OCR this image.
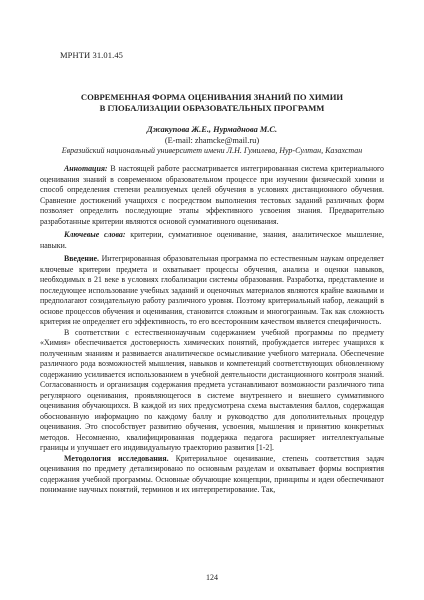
МРНТИ 31.01.45
СОВРЕМЕННАЯ ФОРМА ОЦЕНИВАНИЯ ЗНАНИЙ ПО ХИМИИ
В ГЛОБАЛИЗАЦИИ ОБРАЗОВАТЕЛЬНЫХ ПРОГРАММ
Джакупова Ж.Е., Нурмаднова М.С.
(E-mail: zhamcke@mail.ru)
Евразийский национальный университет имени Л.Н. Гумилева, Нур-Султан, Казахстан

Аннотация: В настоящей работе рассматривается интегрированная система критериального оценивания знаний в современном образовательном процессе при изучении физической химии и способ определения степени реализуемых целей обучения в условиях дистанционного обучения. Сравнение достижений учащихся с посредством выполнения тестовых заданий различных форм позволяет определить последующие этапы эффективного усвоения знания. Предварительно разработанные критерии являются основой суммативного оценивания.

Ключевые слова: критерии, суммативное оценивание, знания, аналитическое мышление, навыки.

Введение. Интегрированная образовательная программа по естественным наукам определяет ключевые критерии предмета и охватывает процессы обучения, анализа и оценки навыков, необходимых в 21 веке в условиях глобализации системы образования. Разработка, представление и последующее использование учебных заданий и оценочных материалов являются крайне важными и предполагают созидательную работу различного уровня. Поэтому критериальный набор, лежащий в основе процессов обучения и оценивания, становится сложным и многогранным. Так как сложность критерия не определяет его эффективность, то его всесторонним качеством является специфичность.

В соответствии с естественнонаучным содержанием учебной программы по предмету «Химия» обеспечивается достоверность химических понятий, пробуждается интерес учащихся к полученным знаниям и развивается аналитическое осмысливание учебного материала. Обеспечение различного рода возможностей мышления, навыков и компетенций соответствующих обновленному содержанию усиливается использованием в учебной деятельности дистанционного контроля знаний. Согласованность и организация содержания предмета устанавливают возможности различного типа регулярного оценивания, проявляющегося в системе внутреннего и внешнего суммативного оценивания обучающихся. В каждой из них предусмотрена схема выставления баллов, содержащая обоснованную информацию по каждому баллу и руководство для дополнительных процедур оценивания. Это способствует развитию обучения, усвоения, мышления и принятию конкретных методов. Несомненно, квалифицированная поддержка педагога расширяет интеллектуальные границы и улучшает его индивидуальную траекторию развития [1-2].

Методология исследования. Критериальное оценивание, степень соответствия задач оценивания по предмету детализировано по основным разделам и охватывает формы восприятия содержания учебной программы. Основные обучающие концепции, принципы и идеи обеспечивают понимание научных понятий, терминов и их интерпретирование. Так,

124
